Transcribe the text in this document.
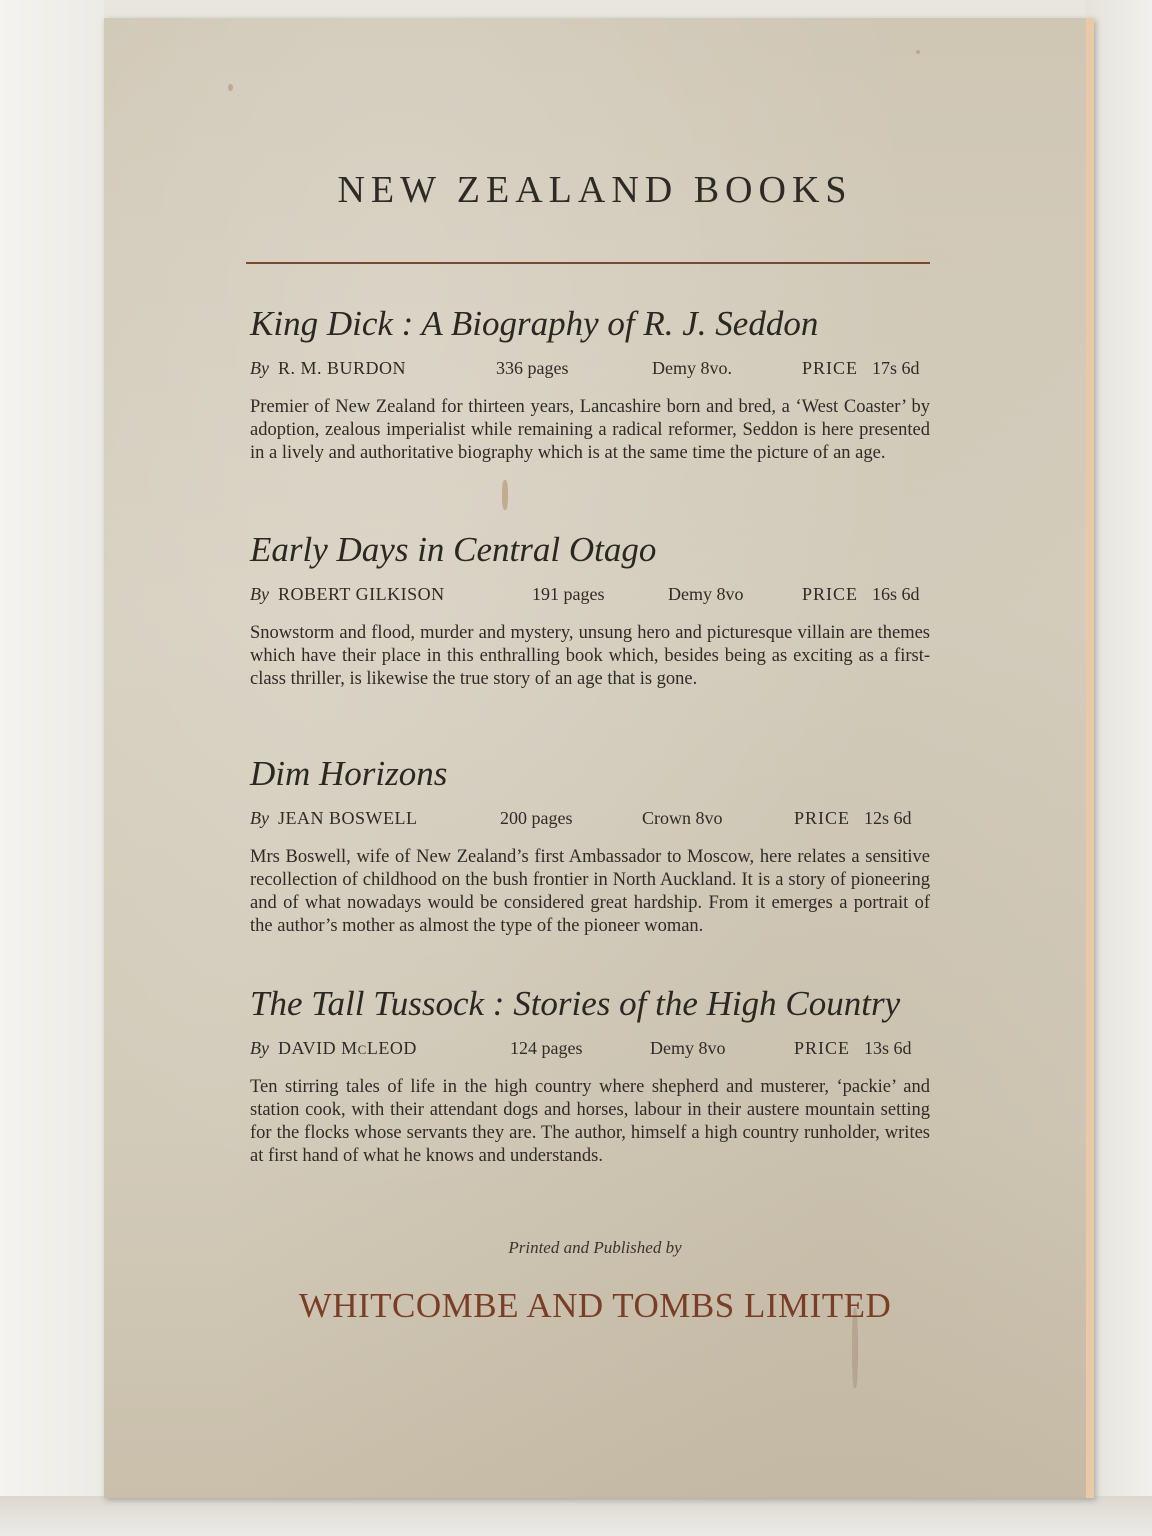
NEW ZEALAND BOOKS
King Dick : A Biography of R. J. Seddon
By R. M. BURDON	336 pages	Demy 8vo.	PRICE 17s 6d
Premier of New Zealand for thirteen years, Lancashire born and bred, a ‘West Coaster’ by adoption, zealous imperialist while remaining a radical reformer, Seddon is here presented in a lively and authoritative biography which is at the same time the picture of an age.
Early Days in Central Otago
By ROBERT GILKISON	191 pages	Demy 8vo	PRICE 16s 6d
Snowstorm and flood, murder and mystery, unsung hero and picturesque villain are themes which have their place in this enthralling book which, besides being as exciting as a first-class thriller, is likewise the true story of an age that is gone.
Dim Horizons
By JEAN BOSWELL	200 pages	Crown 8vo	PRICE 12s 6d
Mrs Boswell, wife of New Zealand’s first Ambassador to Moscow, here relates a sensitive recollection of childhood on the bush frontier in North Auckland. It is a story of pioneering and of what nowadays would be considered great hardship. From it emerges a portrait of the author’s mother as almost the type of the pioneer woman.
The Tall Tussock : Stories of the High Country
By DAVID McLEOD	124 pages	Demy 8vo	PRICE 13s 6d
Ten stirring tales of life in the high country where shepherd and musterer, ‘packie’ and station cook, with their attendant dogs and horses, labour in their austere mountain setting for the flocks whose servants they are. The author, himself a high country runholder, writes at first hand of what he knows and understands.
Printed and Published by
WHITCOMBE AND TOMBS LIMITED
